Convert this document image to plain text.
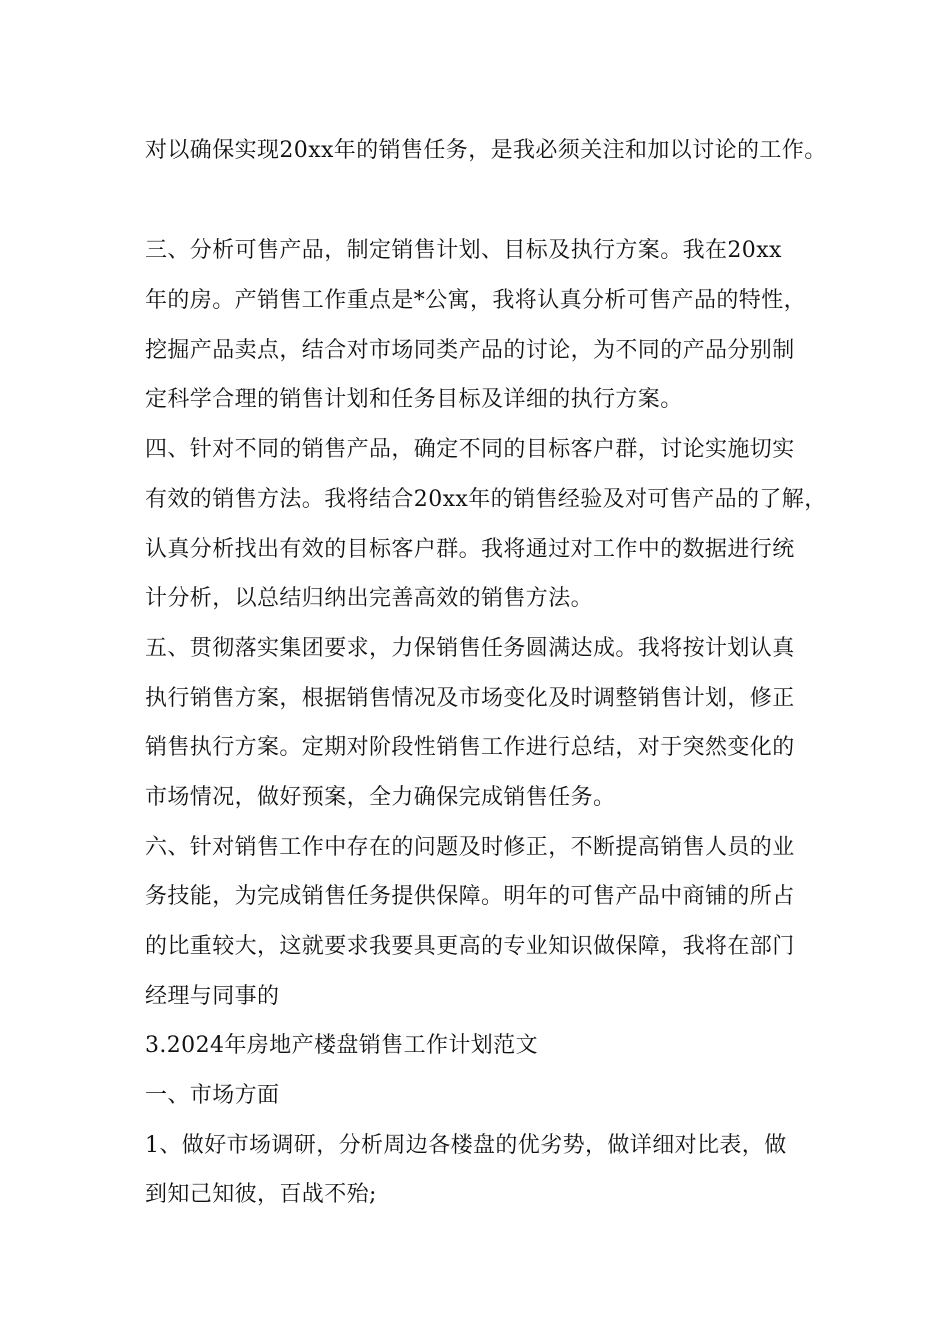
对以确保实现20xx年的销售任务，是我必须关注和加以讨论的工作。
三、分析可售产品，制定销售计划、目标及执行方案。我在20xx
年的房。产销售工作重点是*公寓，我将认真分析可售产品的特性，
挖掘产品卖点，结合对市场同类产品的讨论，为不同的产品分别制
定科学合理的销售计划和任务目标及详细的执行方案。
四、针对不同的销售产品，确定不同的目标客户群，讨论实施切实
有效的销售方法。我将结合20xx年的销售经验及对可售产品的了解，
认真分析找出有效的目标客户群。我将通过对工作中的数据进行统
计分析，以总结归纳出完善高效的销售方法。
五、贯彻落实集团要求，力保销售任务圆满达成。我将按计划认真
执行销售方案，根据销售情况及市场变化及时调整销售计划，修正
销售执行方案。定期对阶段性销售工作进行总结，对于突然变化的
市场情况，做好预案，全力确保完成销售任务。
六、针对销售工作中存在的问题及时修正，不断提高销售人员的业
务技能，为完成销售任务提供保障。明年的可售产品中商铺的所占
的比重较大，这就要求我要具更高的专业知识做保障，我将在部门
经理与同事的
3.2024年房地产楼盘销售工作计划范文
一、市场方面
1、做好市场调研，分析周边各楼盘的优劣势，做详细对比表，做
到知己知彼，百战不殆;
